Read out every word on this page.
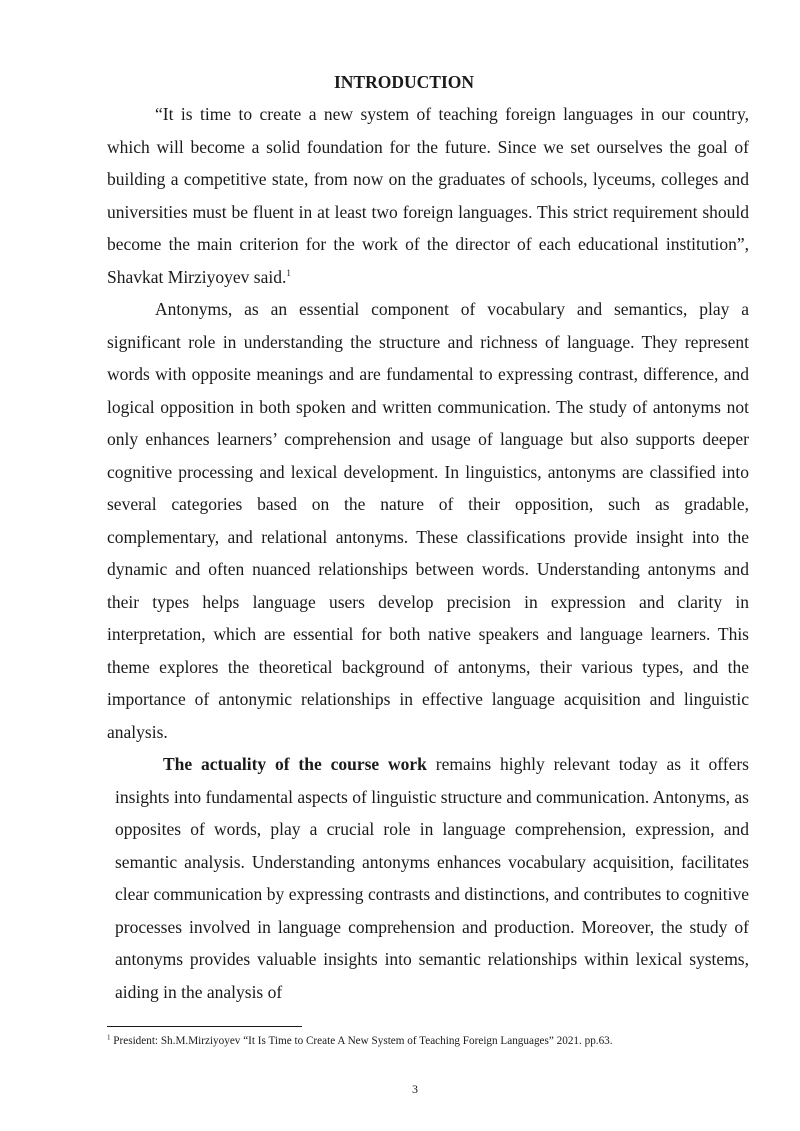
INTRODUCTION

“It is time to create a new system of teaching foreign languages in our country, which will become a solid foundation for the future. Since we set ourselves the goal of building a competitive state, from now on the graduates of schools, lyceums, colleges and universities must be fluent in at least two foreign languages. This strict requirement should become the main criterion for the work of the director of each educational institution”, Shavkat Mirziyoyev said.$^1$

Antonyms, as an essential component of vocabulary and semantics, play a significant role in understanding the structure and richness of language. They represent words with opposite meanings and are fundamental to expressing contrast, difference, and logical opposition in both spoken and written communication. The study of antonyms not only enhances learners’ comprehension and usage of language but also supports deeper cognitive processing and lexical development. In linguistics, antonyms are classified into several categories based on the nature of their opposition, such as gradable, complementary, and relational antonyms. These classifications provide insight into the dynamic and often nuanced relationships between words. Understanding antonyms and their types helps language users develop precision in expression and clarity in interpretation, which are essential for both native speakers and language learners. This theme explores the theoretical background of antonyms, their various types, and the importance of antonymic relationships in effective language acquisition and linguistic analysis.

The actuality of the course work remains highly relevant today as it offers insights into fundamental aspects of linguistic structure and communication. Antonyms, as opposites of words, play a crucial role in language comprehension, expression, and semantic analysis. Understanding antonyms enhances vocabulary acquisition, facilitates clear communication by expressing contrasts and distinctions, and contributes to cognitive processes involved in language comprehension and production. Moreover, the study of antonyms provides valuable insights into semantic relationships within lexical systems, aiding in the analysis of

$^1$ President: Sh.M.Mirziyoyev “It Is Time to Create A New System of Teaching Foreign Languages” 2021. pp.63.

3
